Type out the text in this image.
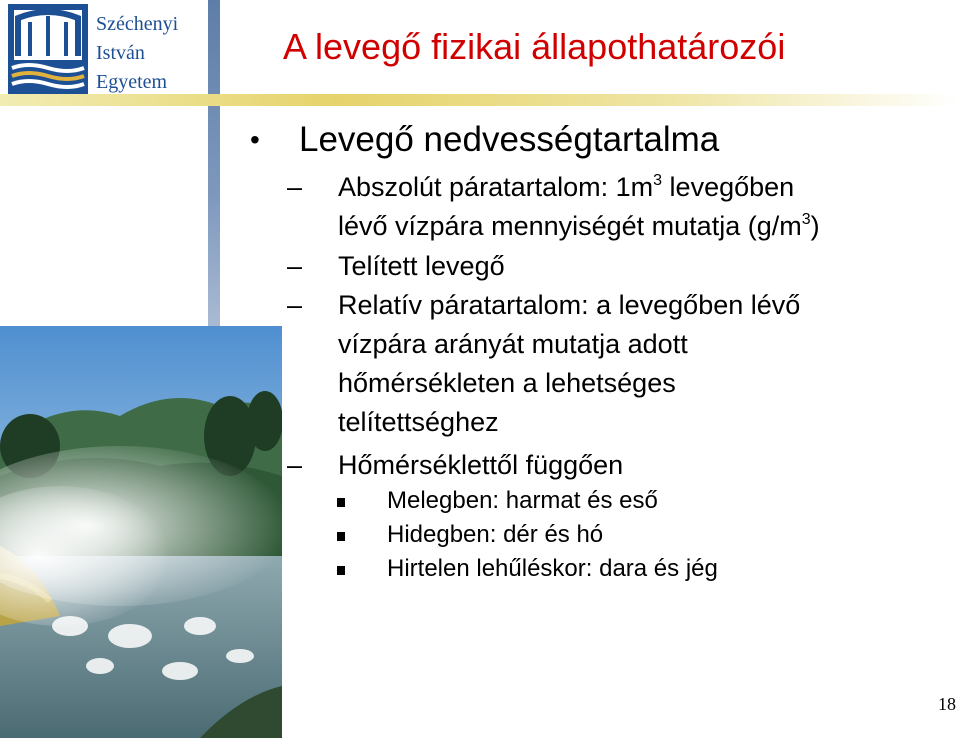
Széchenyi
István
Egyetem
A levegő fizikai állapothatározói
• Levegő nedvességtartalma
–	Abszolút páratartalom: $1m^3$ levegőben
lévő vízpára mennyiségét mutatja $(g/m^3)$
–	Telített levegő
–	Relatív páratartalom: a levegőben lévő
vízpára arányát mutatja adott
hőmérsékleten a lehetséges
telítettséghez
–	Hőmérséklettől függően
Melegben: harmat és eső
Hidegben: dér és hó
Hirtelen lehűléskor: dara és jég
18
